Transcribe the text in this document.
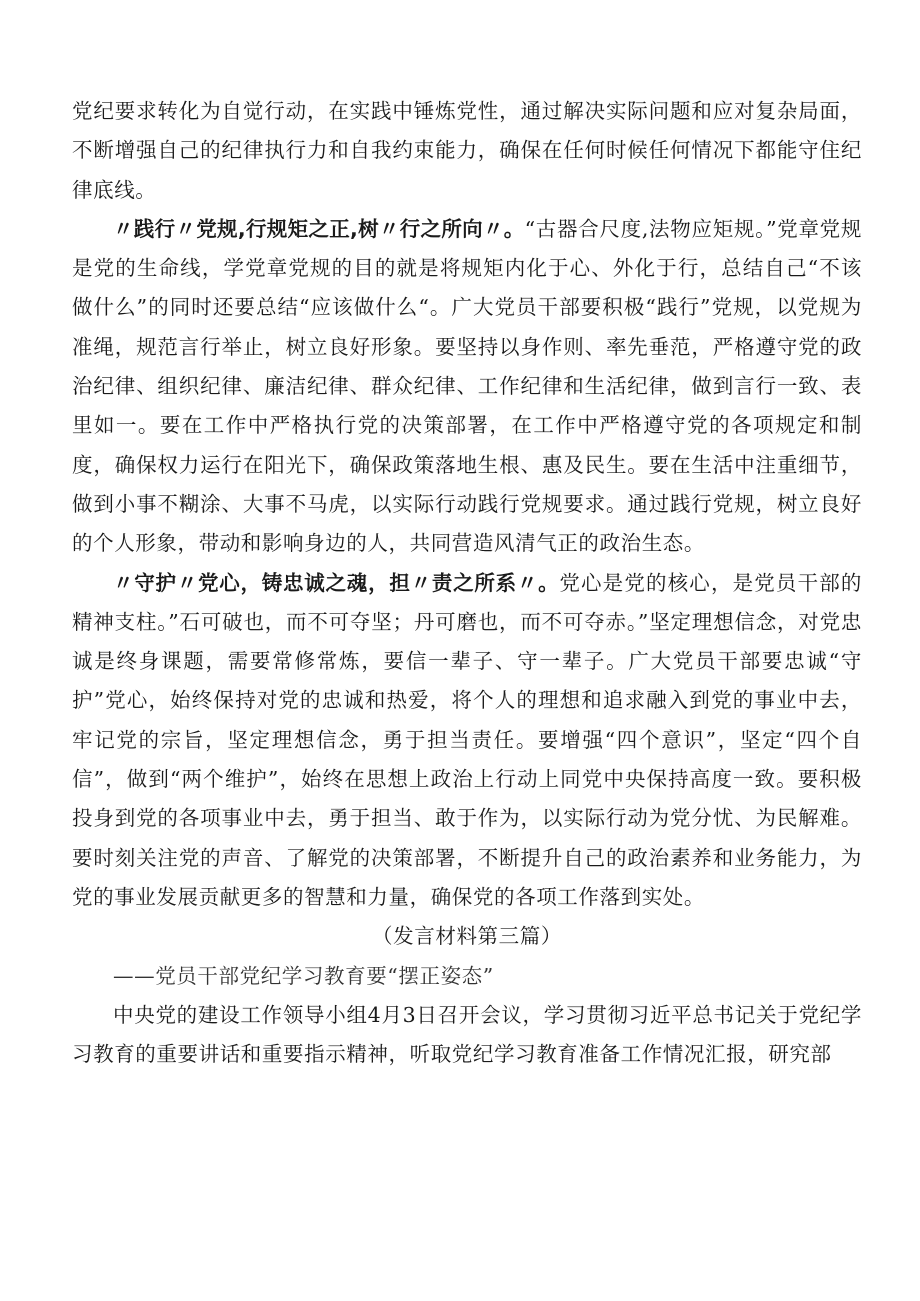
党纪要求转化为自觉行动，在实践中锤炼党性，通过解决实际问题和应对复杂局面，不断增强自己的纪律执行力和自我约束能力，确保在任何时候任何情况下都能守住纪律底线。

〃践行〃党规,行规矩之正,树〃行之所向〃。“古器合尺度,法物应矩规。”党章党规是党的生命线，学党章党规的目的就是将规矩内化于心、外化于行，总结自己“不该做什么”的同时还要总结“应该做什么“。广大党员干部要积极“践行”党规，以党规为准绳，规范言行举止，树立良好形象。要坚持以身作则、率先垂范，严格遵守党的政治纪律、组织纪律、廉洁纪律、群众纪律、工作纪律和生活纪律，做到言行一致、表里如一。要在工作中严格执行党的决策部署，在工作中严格遵守党的各项规定和制度，确保权力运行在阳光下，确保政策落地生根、惠及民生。要在生活中注重细节，做到小事不糊涂、大事不马虎，以实际行动践行党规要求。通过践行党规，树立良好的个人形象，带动和影响身边的人，共同营造风清气正的政治生态。

〃守护〃党心，铸忠诚之魂，担〃责之所系〃。党心是党的核心，是党员干部的精神支柱。”石可破也，而不可夺坚；丹可磨也，而不可夺赤。”坚定理想信念，对党忠诚是终身课题，需要常修常炼，要信一辈子、守一辈子。广大党员干部要忠诚“守护”党心，始终保持对党的忠诚和热爱，将个人的理想和追求融入到党的事业中去，牢记党的宗旨，坚定理想信念，勇于担当责任。要增强“四个意识”，坚定“四个自信”，做到“两个维护”，始终在思想上政治上行动上同党中央保持高度一致。要积极投身到党的各项事业中去，勇于担当、敢于作为，以实际行动为党分忧、为民解难。要时刻关注党的声音、了解党的决策部署，不断提升自己的政治素养和业务能力，为党的事业发展贡献更多的智慧和力量，确保党的各项工作落到实处。

（发言材料第三篇）

——党员干部党纪学习教育要“摆正姿态”

中央党的建设工作领导小组4月3日召开会议，学习贯彻习近平总书记关于党纪学习教育的重要讲话和重要指示精神，听取党纪学习教育准备工作情况汇报，研究部
